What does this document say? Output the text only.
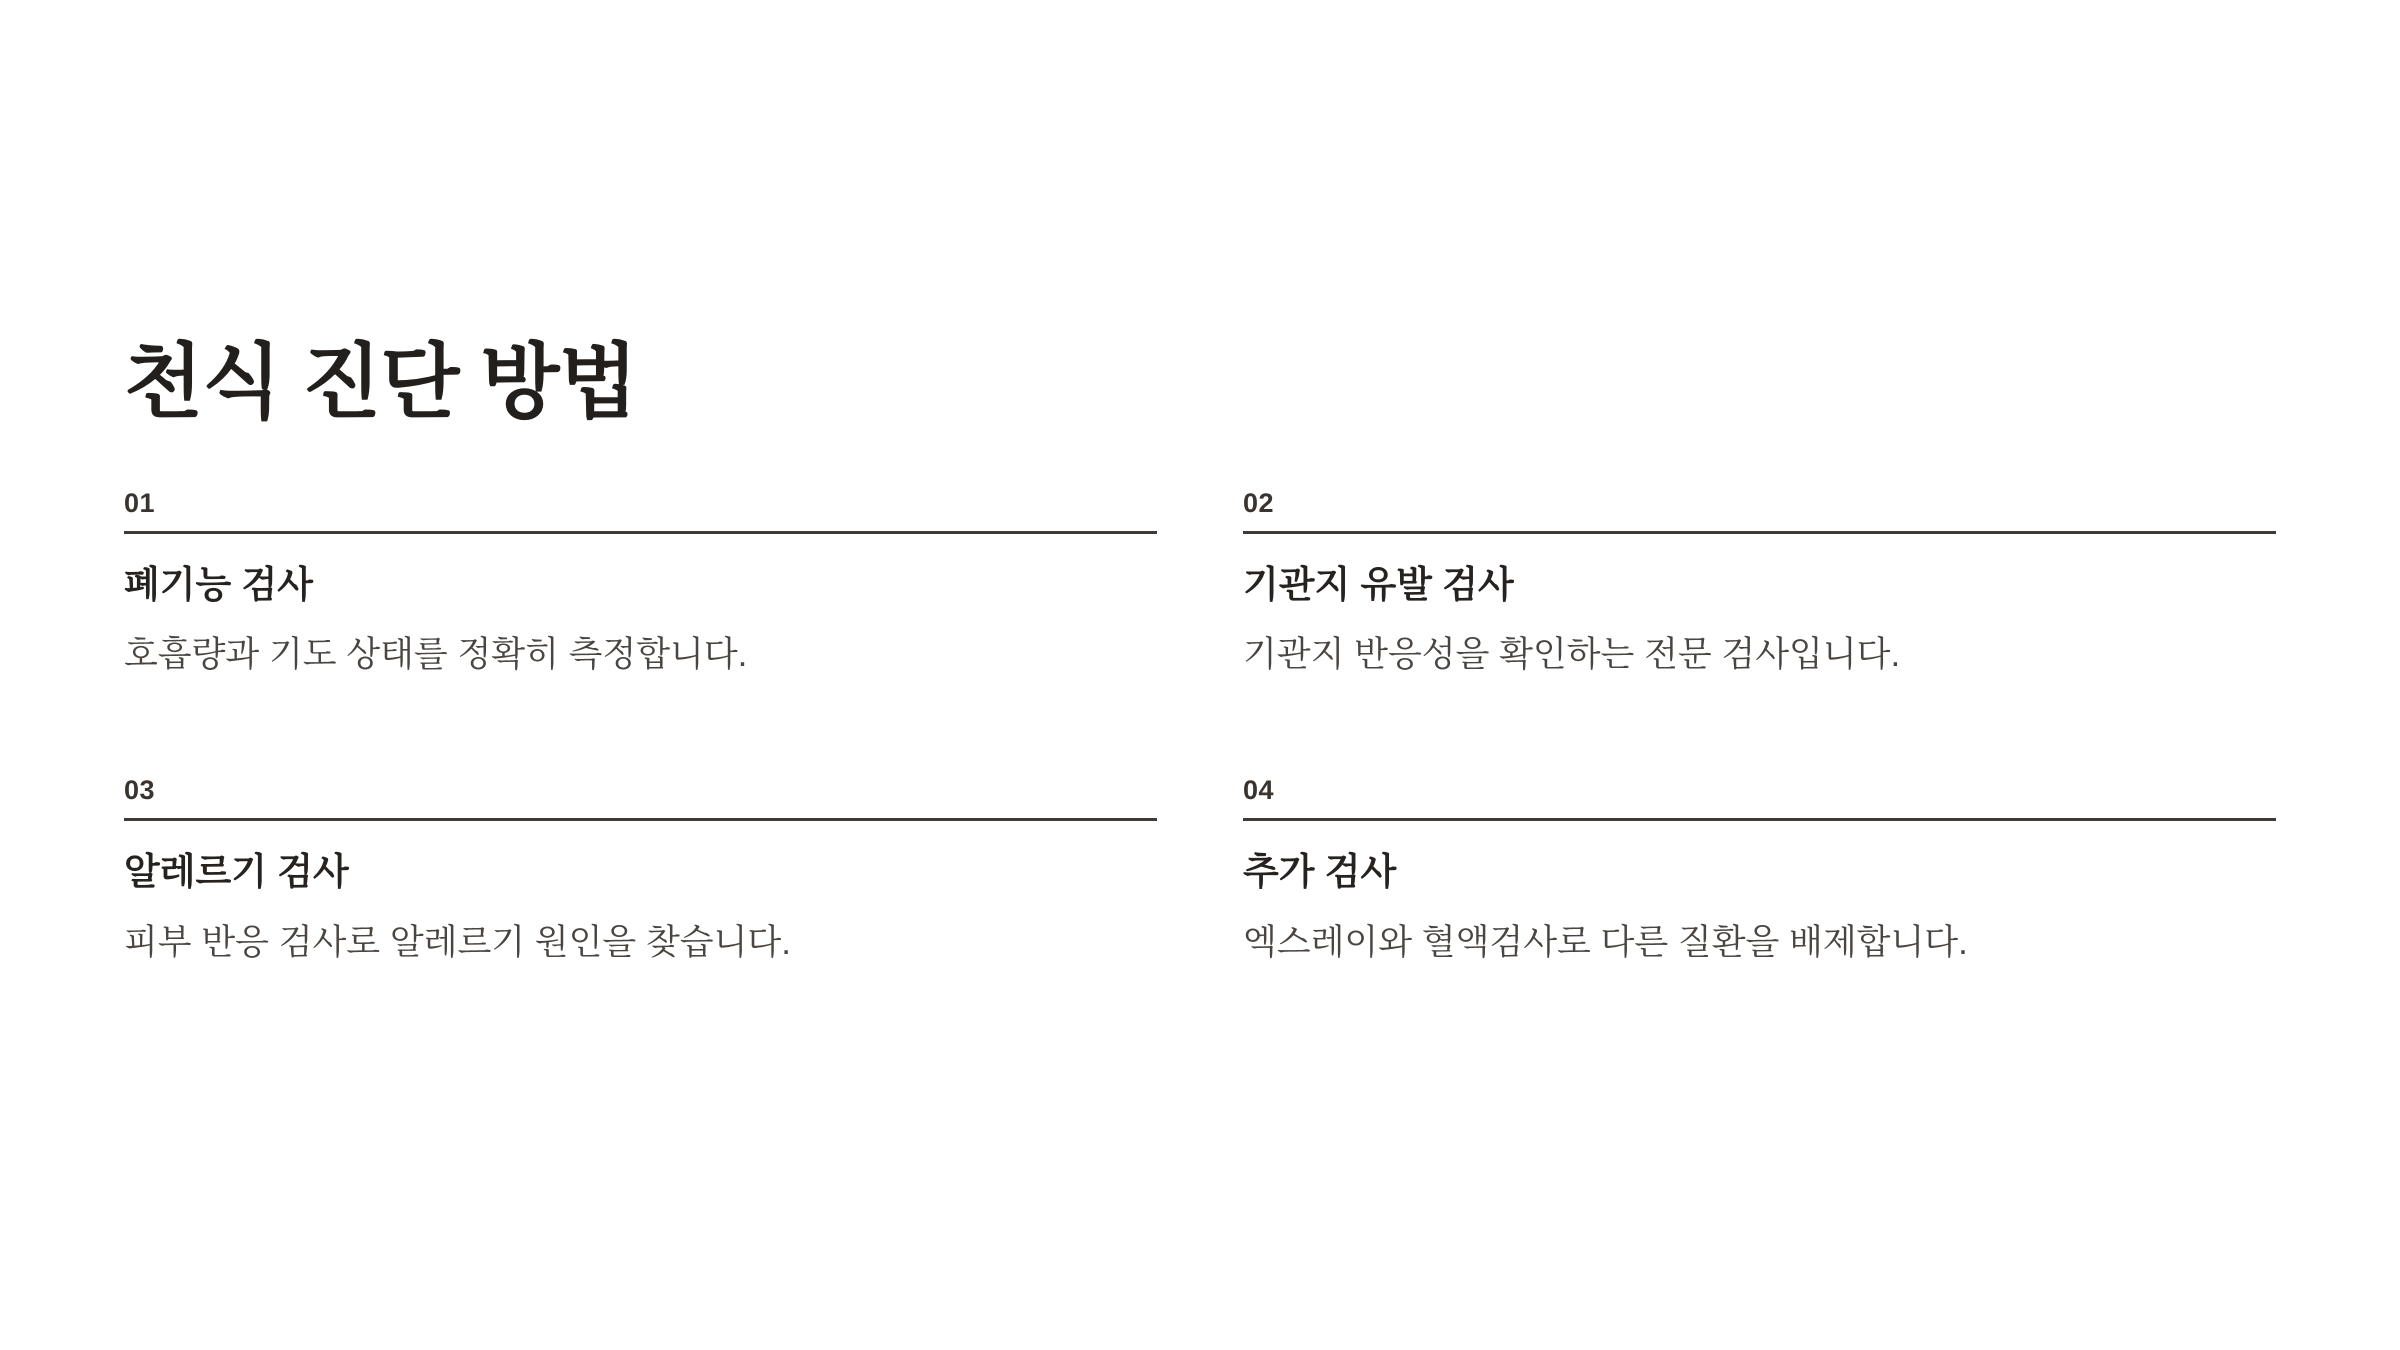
천식 진단 방법
01
폐기능 검사
호흡량과 기도 상태를 정확히 측정합니다.
02
기관지 유발 검사
기관지 반응성을 확인하는 전문 검사입니다.
03
알레르기 검사
피부 반응 검사로 알레르기 원인을 찾습니다.
04
추가 검사
엑스레이와 혈액검사로 다른 질환을 배제합니다.
